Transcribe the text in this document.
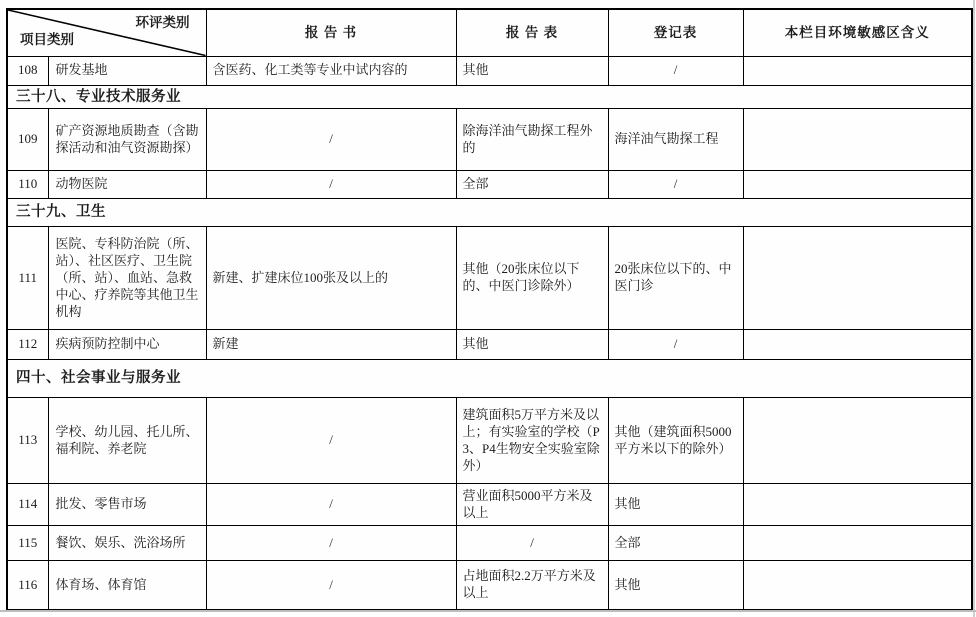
环评类别
项目类别		报 告 书	报 告 表	登记表	本栏目环境敏感区含义
108	研发基地	含医药、化工类等专业中试内容的	其他	/	
三十八、专业技术服务业					
109	矿产资源地质勘查（含勘探活动和油气资源勘探）	/	除海洋油气勘探工程外的	海洋油气勘探工程	
110	动物医院	/	全部	/	
三十九、卫生					
111	医院、专科防治院（所、站）、社区医疗、卫生院（所、站）、血站、急救中心、疗养院等其他卫生机构	新建、扩建床位100张及以上的	其他（20张床位以下的、中医门诊除外）	20张床位以下的、中医门诊	
112	疾病预防控制中心	新建	其他	/	
四十、社会事业与服务业					
113	学校、幼儿园、托儿所、福利院、养老院	/	建筑面积5万平方米及以上；有实验室的学校（P3、P4生物安全实验室除外）	其他（建筑面积5000平方米以下的除外）	
114	批发、零售市场	/	营业面积5000平方米及以上	其他	
115	餐饮、娱乐、洗浴场所	/	/	全部	
116	体育场、体育馆	/	占地面积2.2万平方米及以上	其他	
